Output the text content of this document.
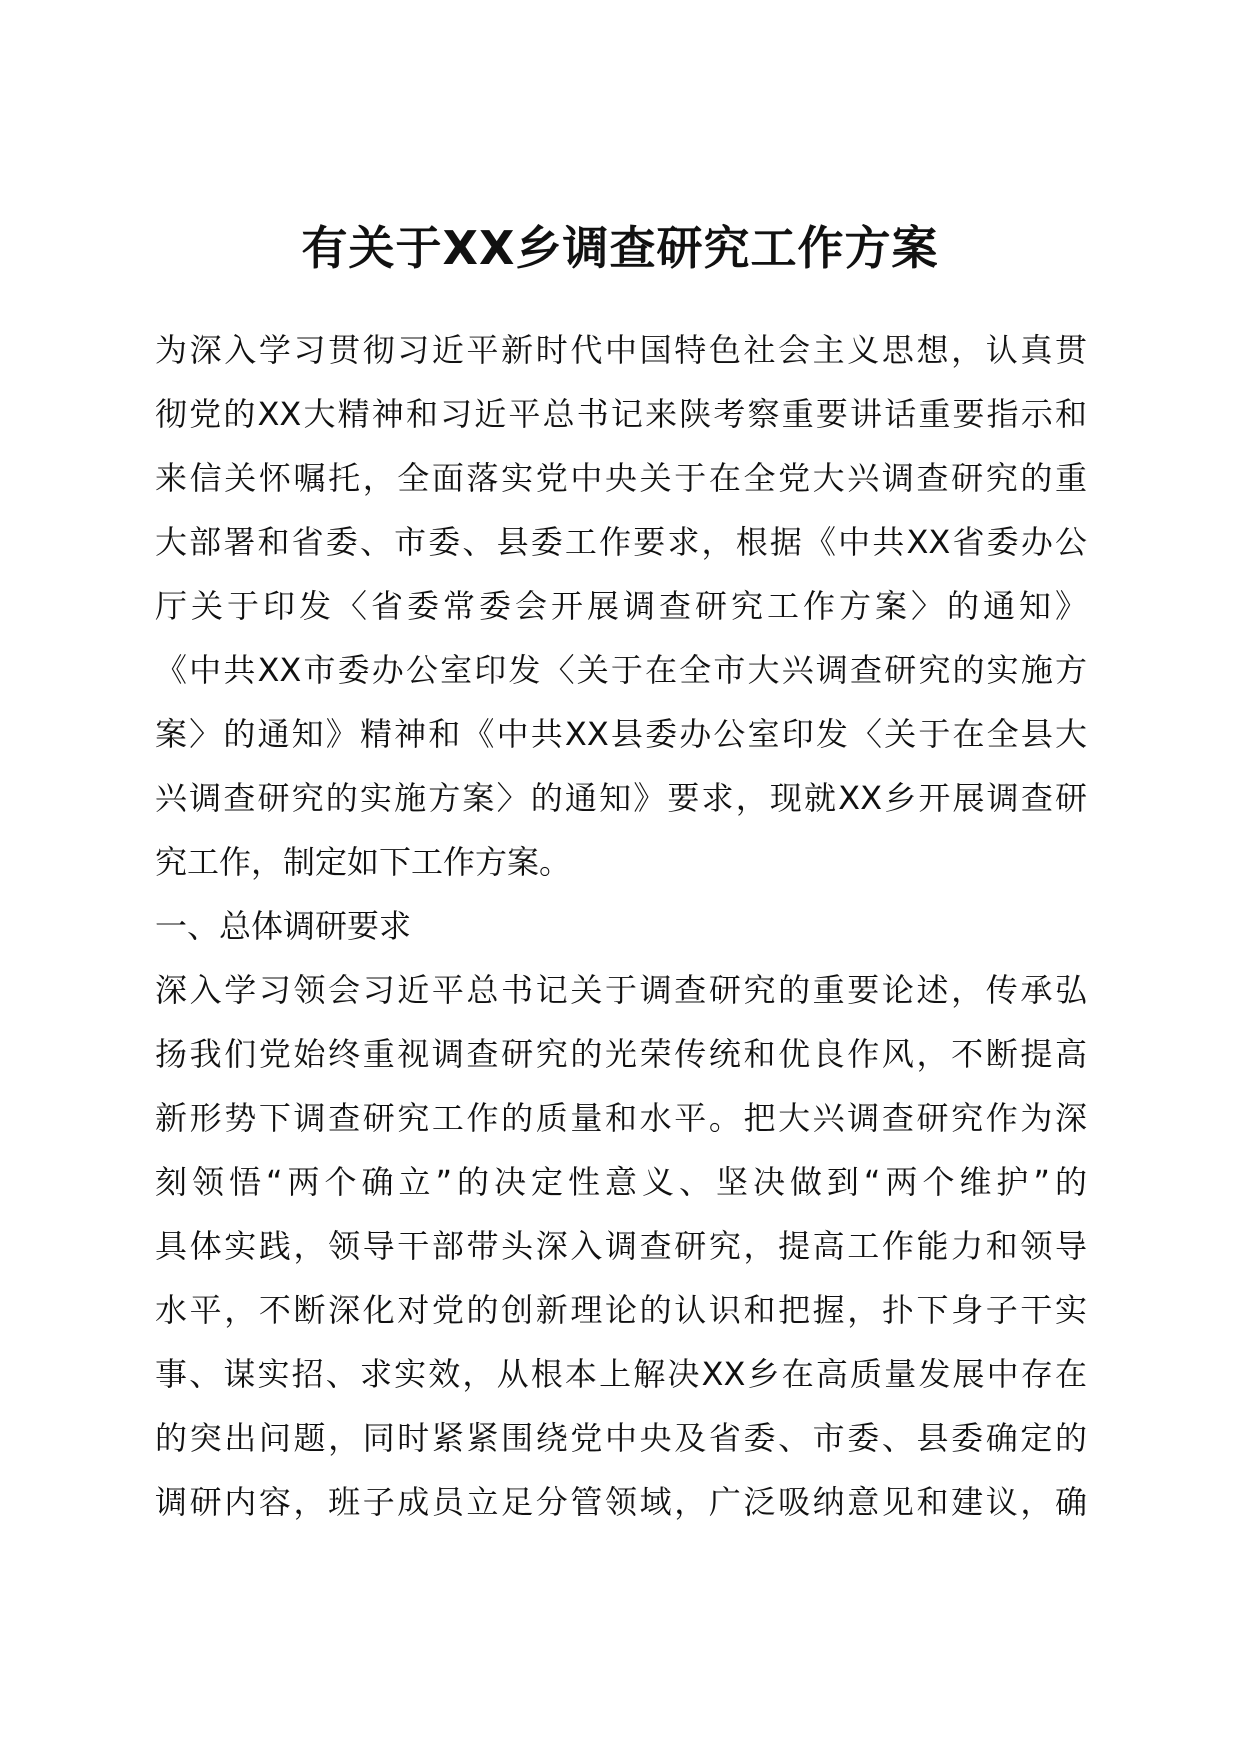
有关于XX乡调查研究工作方案
为深入学习贯彻习近平新时代中国特色社会主义思想，认真贯
彻党的XX大精神和习近平总书记来陕考察重要讲话重要指示和
来信关怀嘱托，全面落实党中央关于在全党大兴调查研究的重
大部署和省委、市委、县委工作要求，根据《中共XX省委办公
厅关于印发〈省委常委会开展调查研究工作方案〉的通知》
《中共XX市委办公室印发〈关于在全市大兴调查研究的实施方
案〉的通知》精神和《中共XX县委办公室印发〈关于在全县大
兴调查研究的实施方案〉的通知》要求，现就XX乡开展调查研
究工作，制定如下工作方案。
一、总体调研要求
深入学习领会习近平总书记关于调查研究的重要论述，传承弘
扬我们党始终重视调查研究的光荣传统和优良作风，不断提高
新形势下调查研究工作的质量和水平。把大兴调查研究作为深
刻领悟“两个确立”的决定性意义、坚决做到“两个维护”的
具体实践，领导干部带头深入调查研究，提高工作能力和领导
水平，不断深化对党的创新理论的认识和把握，扑下身子干实
事、谋实招、求实效，从根本上解决XX乡在高质量发展中存在
的突出问题，同时紧紧围绕党中央及省委、市委、县委确定的
调研内容，班子成员立足分管领域，广泛吸纳意见和建议，确
